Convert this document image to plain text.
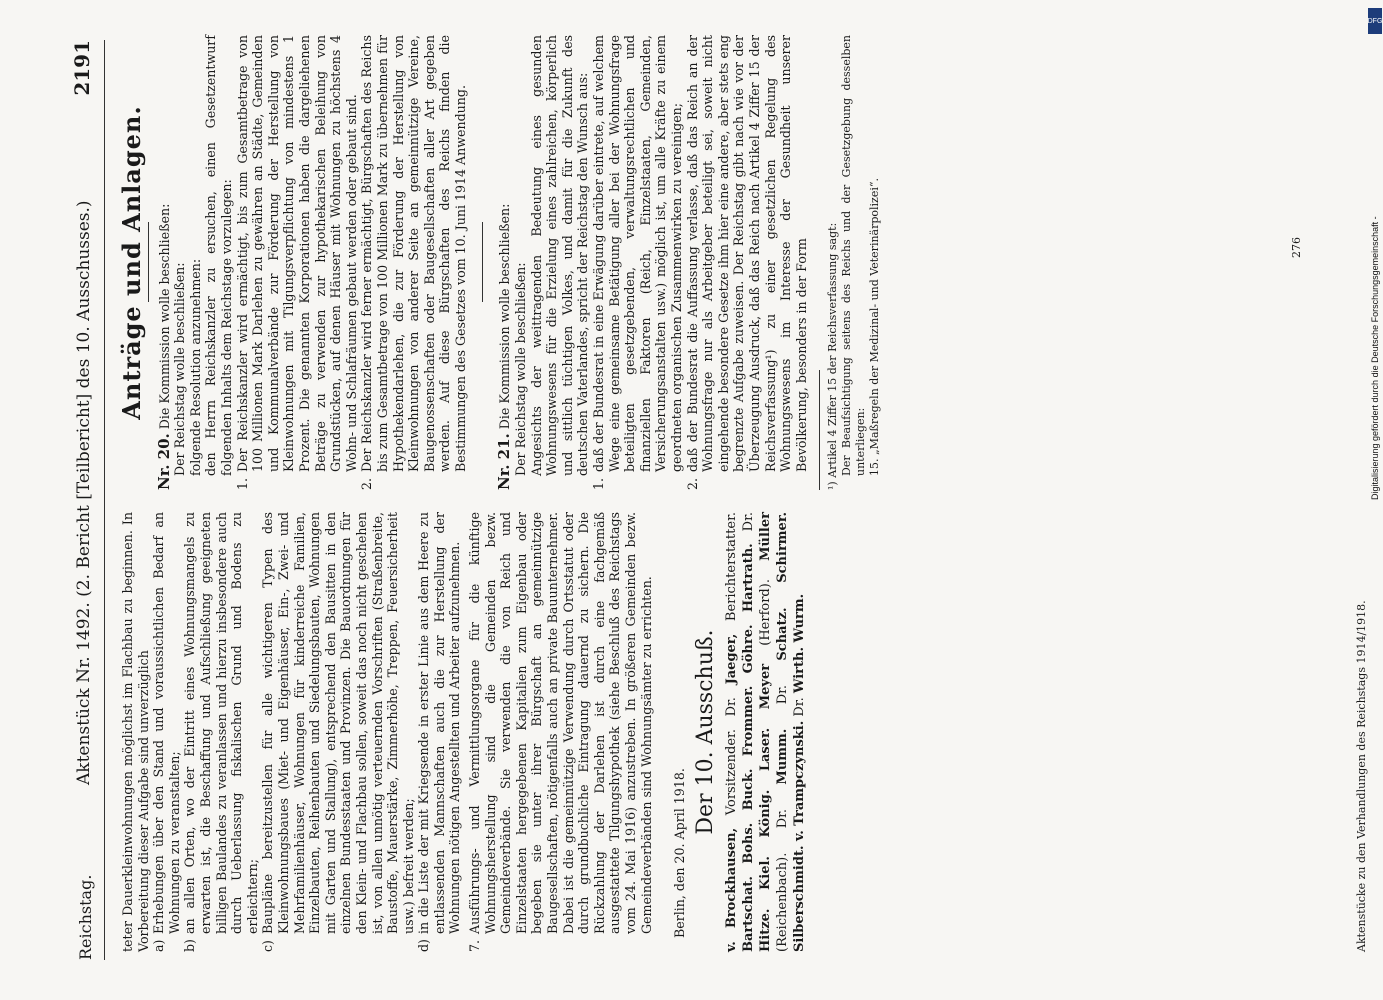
Reichstag.
Aktenstück Nr. 1492. (2. Bericht [Teilbericht] des 10. Ausschusses.)
2191

teter Dauerkleinwohnungen möglichst im Flachbau zu beginnen. In Vorbereitung dieser Aufgabe sind unverzüglich a)
Erhebungen über den Stand und voraussichtlichen Bedarf an Wohnungen zu veranstalten;
b)
an allen Orten, wo der Eintritt eines Wohnungsmangels zu erwarten ist, die Beschaffung und Aufschließung geeigneten billigen Baulandes zu veranlassen und hierzu insbesondere auch durch Ueberlassung fiskalischen Grund und Bodens zu erleichtern;
c)
Baupläne bereitzustellen für alle wichtigeren Typen des Kleinwohnungsbaues (Miet- und Eigenhäuser, Ein-, Zwei- und Mehrfamilienhäuser, Wohnungen für kinderreiche Familien, Einzelbauten, Reihenbauten und Siedelungsbauten, Wohnungen mit Garten und Stallung), entsprechend den Bausitten in den einzelnen Bundesstaaten und Provinzen. Die Bauordnungen für den Klein- und Flachbau sollen, soweit das noch nicht geschehen ist, von allen unnötig verteuernden Vorschriften (Straßenbreite, Baustoffe, Mauerstärke, Zimmerhöhe, Treppen, Feuersicherheit usw.) befreit werden;
d)
in die Liste der mit Kriegsende in erster Linie aus dem Heere zu entlassenden Mannschaften auch die zur Herstellung der Wohnungen nötigen Angestellten und Arbeiter aufzunehmen.
7.
Ausführungs- und Vermittlungsorgane für die künftige Wohnungsherstellung sind die Gemeinden bezw. Gemeindeverbände. Sie verwenden die von Reich und Einzelstaaten hergegebenen Kapitalien zum Eigenbau oder begeben sie unter ihrer Bürgschaft an gemeinnützige Baugesellschaften, nötigenfalls auch an private Bauunternehmer. Dabei ist die gemeinnützige Verwendung durch Ortsstatut oder durch grundbuchliche Eintragung dauernd zu sichern. Die Rückzahlung der Darlehen ist durch eine fachgemäß ausgestattete Tilgungshypothek (siehe Beschluß des Reichstags vom 24. Mai 1916) anzustreben. In größeren Gemeinden bezw. Gemeindeverbänden sind Wohnungsämter zu errichten. Berlin, den 20. April 1918.

Der 10. Ausschuß.
v. Brockhausen, Vorsitzender. Dr. Jaeger, Berichterstatter. Bartschat. Bohs. Buck. Frommer. Göhre. Hartrath. Dr. Hitze. Kiel. König. Laser. Meyer (Herford). Müller (Reichenbach). Dr. Mumm. Dr. Schatz. Schirmer. Silberschmidt. v. Trampczynski. Dr. Wirth. Wurm.
Anträge und Anlagen.

Nr. 20. Die Kommission wolle beschließen: Der Reichstag wolle beschließen: folgende Resolution anzunehmen: den Herrn Reichskanzler zu ersuchen, einen Gesetzentwurf folgenden Inhalts dem Reichstage vorzulegen:

1.
Der Reichskanzler wird ermächtigt, bis zum Gesamtbetrage von 100 Millionen Mark Darlehen zu gewähren an Städte, Gemeinden und Kommunalverbände zur Förderung der Herstellung von Kleinwohnungen mit Tilgungsverpflichtung von mindestens 1 Prozent. Die genannten Korporationen haben die dargeliehenen Beträge zu verwenden zur hypothekarischen Beleihung von Grundstücken, auf denen Häuser mit Wohnungen zu höchstens 4 Wohn- und Schlafräumen gebaut werden oder gebaut sind.
2.
Der Reichskanzler wird ferner ermächtigt, Bürgschaften des Reichs bis zum Gesamtbetrage von 100 Millionen Mark zu übernehmen für Hypothekendarlehen, die zur Förderung der Herstellung von Kleinwohnungen von anderer Seite an gemeinnützige Vereine, Baugenossenschaften oder Baugesellschaften aller Art gegeben werden. Auf diese Bürgschaften des Reichs finden die Bestimmungen des Gesetzes vom 10. Juni 1914 Anwendung. Nr. 21. Die Kommission wolle beschließen: Der Reichstag wolle beschließen: Angesichts der weittragenden Bedeutung eines gesunden Wohnungswesens für die Erzielung eines zahlreichen, körperlich und sittlich tüchtigen Volkes, und damit für die Zukunft des deutschen Vaterlandes, spricht der Reichstag den Wunsch aus:

1.
daß der Bundesrat in eine Erwägung darüber eintrete, auf welchem Wege eine gemeinsame Betätigung aller bei der Wohnungsfrage beteiligten gesetzgebenden, verwaltungsrechtlichen und finanziellen Faktoren (Reich, Einzelstaaten, Gemeinden, Versicherungsanstalten usw.) möglich ist, um alle Kräfte zu einem geordneten organischen Zusammenwirken zu vereinigen;
2.
daß der Bundesrat die Auffassung verlasse, daß das Reich an der Wohnungsfrage nur als Arbeitgeber beteiligt sei, soweit nicht eingehende besondere Gesetze ihm hier eine andere, aber stets eng begrenzte Aufgabe zuweisen. Der Reichstag gibt nach wie vor der Überzeugung Ausdruck, daß das Reich nach Artikel 4 Ziffer 15 der Reichsverfassung¹) zu einer gesetzlichen Regelung des Wohnungswesens im Interesse der Gesundheit unserer Bevölkerung, besonders in der Form ¹) Artikel 4 Ziffer 15 der Reichsverfassung sagt: Der Beaufsichtigung seitens des Reichs und der Gesetzgebung desselben unterliegen: 15. „Maßregeln der Medizinal- und Veterinärpolizei“.

Aktenstücke zu den Verhandlungen des Reichstags 1914/1918.
276
DFG
Digitalisierung gefördert durch die Deutsche Forschungsgemeinschaft -
